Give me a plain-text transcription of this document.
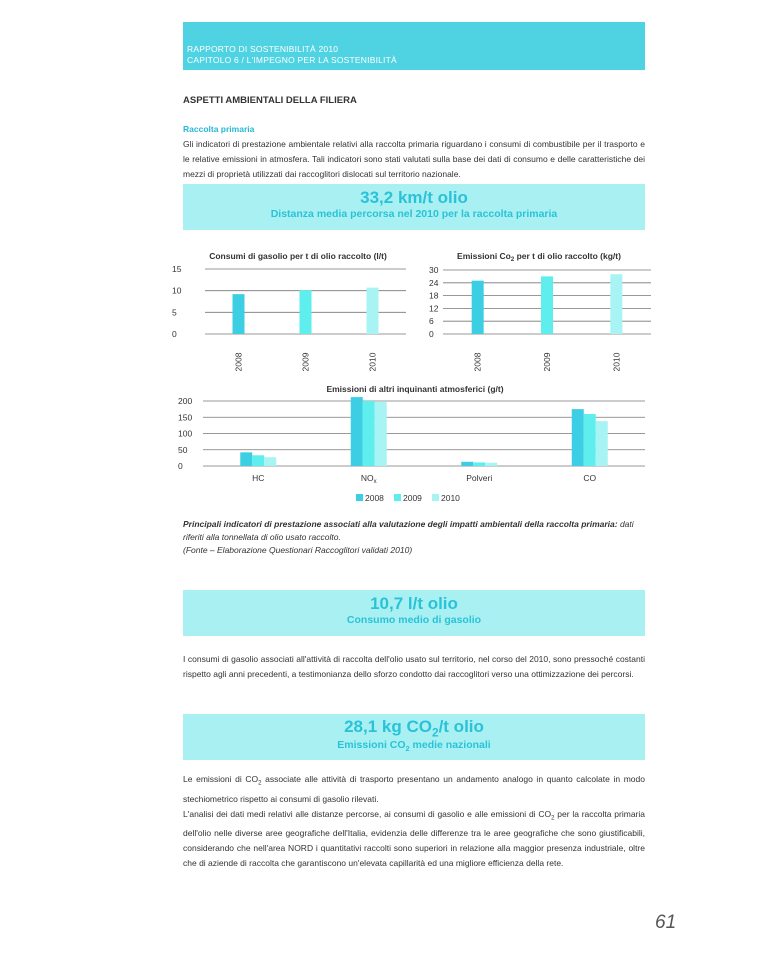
RAPPORTO DI SOSTENIBILITÀ 2010
CAPITOLO 6 / L'IMPEGNO PER LA SOSTENIBILITÀ
ASPETTI AMBIENTALI DELLA FILIERA
Raccolta primaria
Gli indicatori di prestazione ambientale relativi alla raccolta primaria riguardano i consumi di combustibile per il trasporto e le relative emissioni in atmosfera. Tali indicatori sono stati valutati sulla base dei dati di consumo e delle caratteristiche dei mezzi di proprietà utilizzati dai raccoglitori dislocati sul territorio nazionale.
33,2 km/t olio
Distanza media percorsa nel 2010 per la raccolta primaria
Consumi di gasolio per t di olio raccolto (l/t)
15
10
5
0
2008	2009	2010
Emissioni $Co_2$ per t di olio raccolto (kg/t)
30
24
18
12
6
0
2008	2009	2010
Emissioni di altri inquinanti atmosferici (g/t)
200
150
100
50
0
HC	$NO_x$	Polveri	CO
2008 2009 2010
Principali indicatori di prestazione associati alla valutazione degli impatti ambientali della raccolta primaria: dati riferiti alla tonnellata di olio usato raccolto.
(Fonte – Elaborazione Questionari Raccoglitori validati 2010)
10,7 l/t olio
Consumo medio di gasolio
I consumi di gasolio associati all'attività di raccolta dell'olio usato sul territorio, nel corso del 2010, sono pressoché costanti rispetto agli anni precedenti, a testimonianza dello sforzo condotto dai raccoglitori verso una ottimizzazione dei percorsi.
28,1 kg $CO_2/t$ olio
Emissioni $CO_2$ medie nazionali
Le emissioni di $CO_2$ associate alle attività di trasporto presentano un andamento analogo in quanto calcolate in modo stechiometrico rispetto ai consumi di gasolio rilevati.
L'analisi dei dati medi relativi alle distanze percorse, ai consumi di gasolio e alle emissioni di $CO_2$ per la raccolta primaria dell'olio nelle diverse aree geografiche dell'Italia, evidenzia delle differenze tra le aree geografiche che sono giustificabili, considerando che nell'area NORD i quantitativi raccolti sono superiori in relazione alla maggior presenza industriale, oltre che di aziende di raccolta che garantiscono un'elevata capillarità ed una migliore efficienza della rete.
61
